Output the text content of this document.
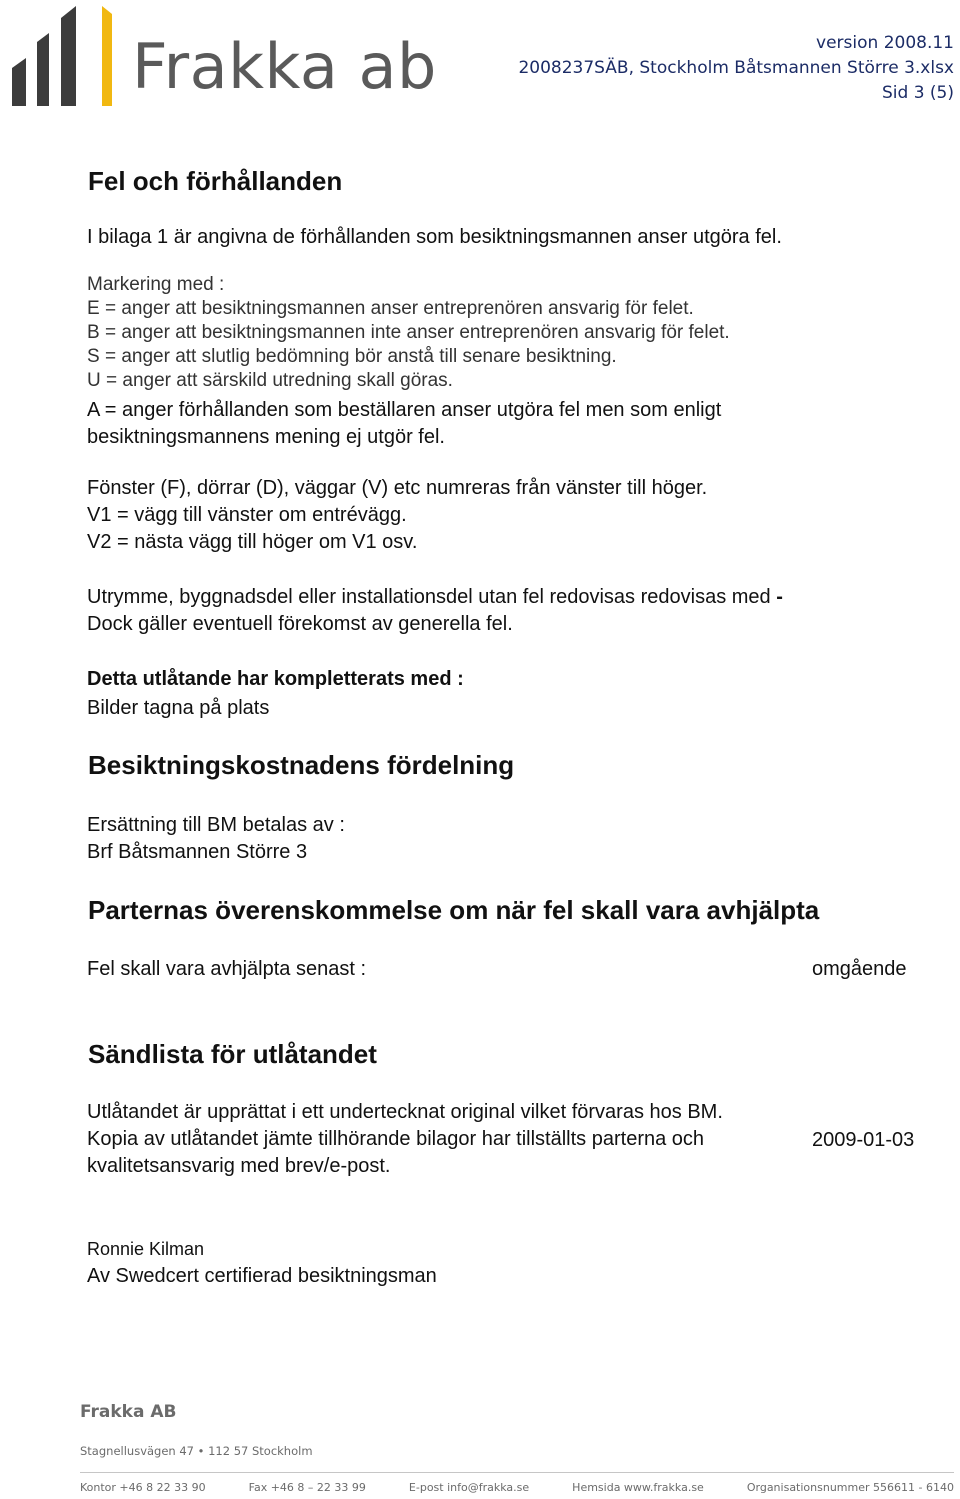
Frakka ab	version 2008.11
2008237SÄB, Stockholm Båtsmannen Större 3.xlsx
Sid 3 (5)
Fel och förhållanden
I bilaga 1 är angivna de förhållanden som besiktningsmannen anser utgöra fel.
Markering med :
E = anger att besiktningsmannen anser entreprenören ansvarig för felet.
B = anger att besiktningsmannen inte anser entreprenören ansvarig för felet.
S = anger att slutlig bedömning bör anstå till senare besiktning.
U = anger att särskild utredning skall göras.
A = anger förhållanden som beställaren anser utgöra fel men som enligt
besiktningsmannens mening ej utgör fel.
Fönster (F), dörrar (D), väggar (V) etc numreras från vänster till höger.
V1 = vägg till vänster om entrévägg.
V2 = nästa vägg till höger om V1 osv.
Utrymme, byggnadsdel eller installationsdel utan fel redovisas redovisas med -
Dock gäller eventuell förekomst av generella fel.
Detta utlåtande har kompletterats med :
Bilder tagna på plats
Besiktningskostnadens fördelning
Ersättning till BM betalas av :
Brf Båtsmannen Större 3
Parternas överenskommelse om när fel skall vara avhjälpta
Fel skall vara avhjälpta senast :	omgående
Sändlista för utlåtandet
Utlåtandet är upprättat i ett undertecknat original vilket förvaras hos BM.
Kopia av utlåtandet jämte tillhörande bilagor har tillställts parterna och
kvalitetsansvarig med brev/e-post.
2009-01-03
Ronnie Kilman
Av Swedcert certifierad besiktningsman
Frakka AB
Stagnellusvägen 47 • 112 57 Stockholm
Kontor +46 8 22 33 90	Fax +46 8 – 22 33 99	E-post info@frakka.se	Hemsida www.frakka.se	Organisationsnummer 556611 - 6140
